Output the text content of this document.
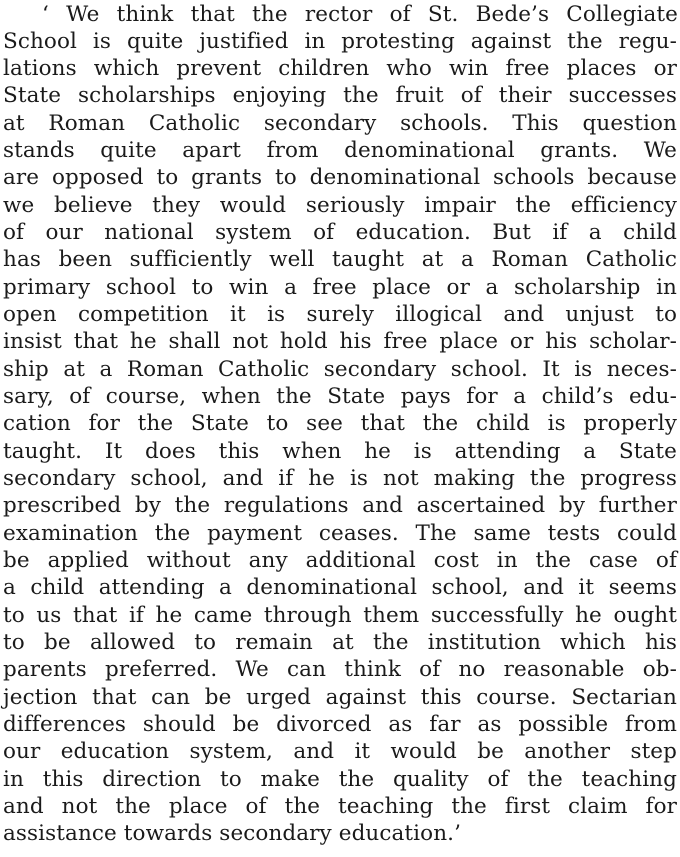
‘ We think that the rector of St. Bede’s Collegiate
School is quite justified in protesting against the regu-
lations which prevent children who win free places or
State scholarships enjoying the fruit of their successes
at Roman Catholic secondary schools. This question
stands quite apart from denominational grants. We
are opposed to grants to denominational schools because
we believe they would seriously impair the efficiency
of our national system of education. But if a child
has been sufficiently well taught at a Roman Catholic
primary school to win a free place or a scholarship in
open competition it is surely illogical and unjust to
insist that he shall not hold his free place or his scholar-
ship at a Roman Catholic secondary school. It is neces-
sary, of course, when the State pays for a child’s edu-
cation for the State to see that the child is properly
taught. It does this when he is attending a State
secondary school, and if he is not making the progress
prescribed by the regulations and ascertained by further
examination the payment ceases. The same tests could
be applied without any additional cost in the case of
a child attending a denominational school, and it seems
to us that if he came through them successfully he ought
to be allowed to remain at the institution which his
parents preferred. We can think of no reasonable ob-
jection that can be urged against this course. Sectarian
differences should be divorced as far as possible from
our education system, and it would be another step
in this direction to make the quality of the teaching
and not the place of the teaching the first claim for
assistance towards secondary education.’
